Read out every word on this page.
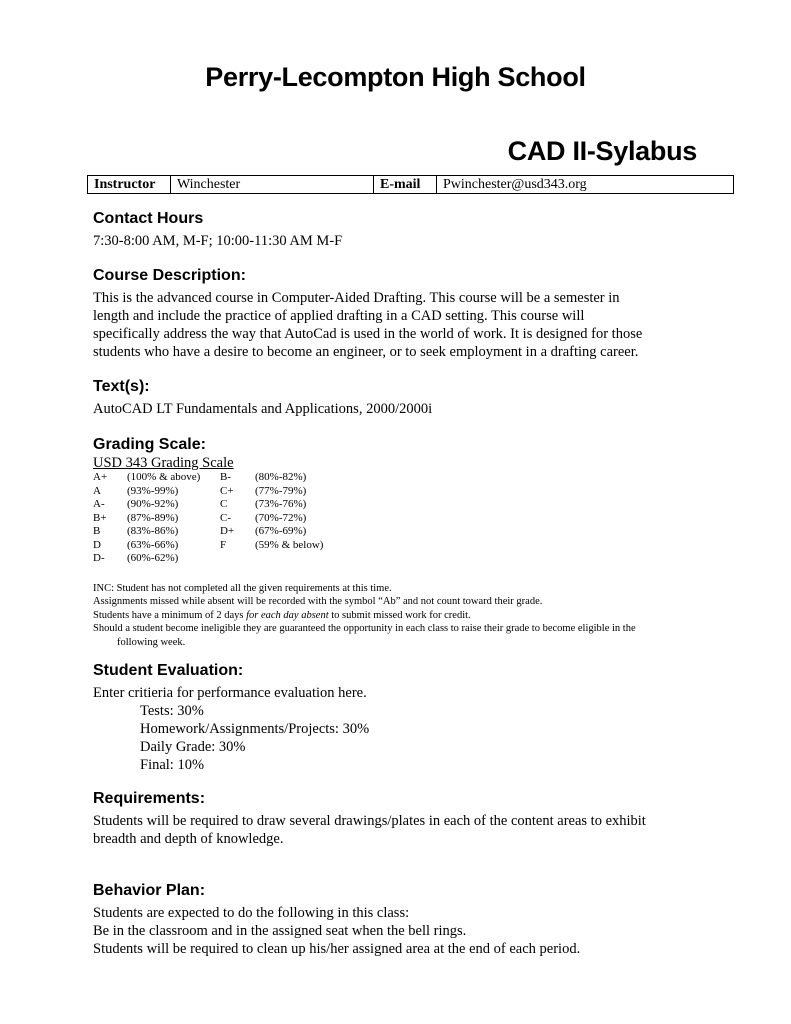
Perry-Lecompton High School
CAD II-Sylabus
Instructor	Winchester	E-mail	Pwinchester@usd343.org
Contact Hours

7:30-8:00 AM, M-F; 10:00-11:30 AM M-F

Course Description:

This is the advanced course in Computer-Aided Drafting. This course will be a semester in

length and include the practice of applied drafting in a CAD setting. This course will

specifically address the way that AutoCad is used in the world of work. It is designed for those

students who have a desire to become an engineer, or to seek employment in a drafting career.

Text(s):

AutoCAD LT Fundamentals and Applications, 2000/2000i

Grading Scale:
USD 343 Grading Scale
A+	(100% & above)	B-	(80%-82%)
A	(93%-99%)	C+	(77%-79%)
A-	(90%-92%)	C	(73%-76%)
B+	(87%-89%)	C-	(70%-72%)
B	(83%-86%)	D+	(67%-69%)
D	(63%-66%)	F	(59% & below)
D-	(60%-62%)		
INC: Student has not completed all the given requirements at this time.
Assignments missed while absent will be recorded with the symbol “Ab” and not count toward their grade.
Students have a minimum of 2 days for each day absent to submit missed work for credit.
Should a student become ineligible they are guaranteed the opportunity in each class to raise their grade to become eligible in the
following week.
Student Evaluation:

Enter critieria for performance evaluation here.

Tests: 30%

Homework/Assignments/Projects: 30%

Daily Grade: 30%

Final: 10%

Requirements:

Students will be required to draw several drawings/plates in each of the content areas to exhibit

breadth and depth of knowledge.

Behavior Plan:

Students are expected to do the following in this class:

Be in the classroom and in the assigned seat when the bell rings.

Students will be required to clean up his/her assigned area at the end of each period.
